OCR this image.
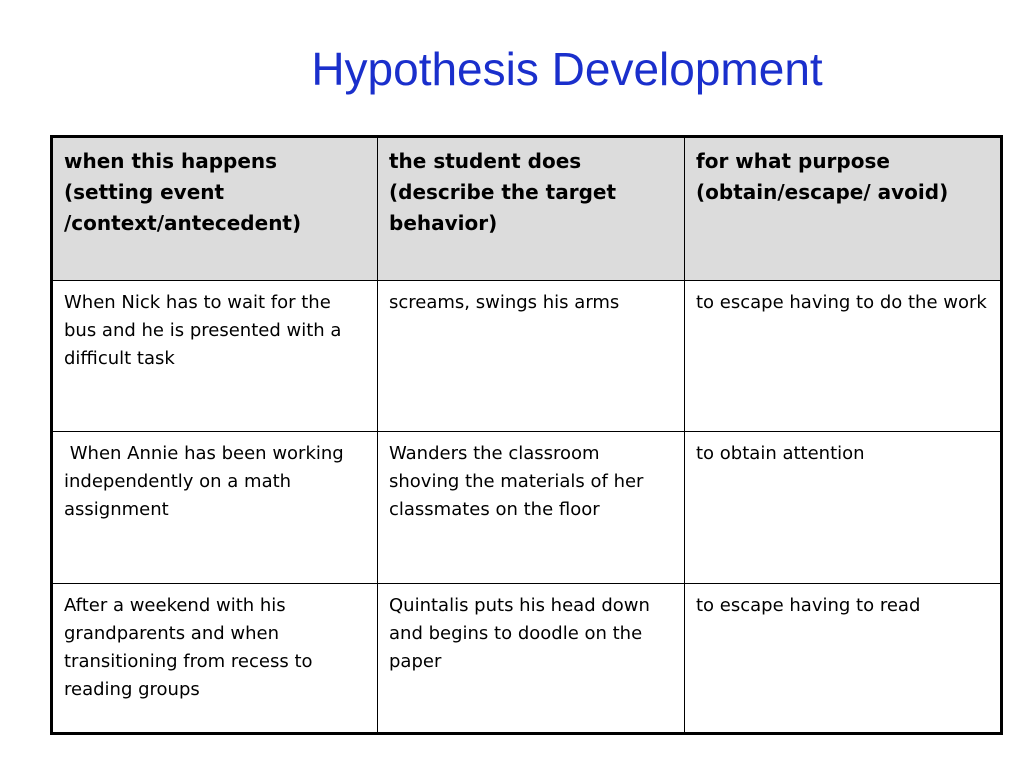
Hypothesis Development
when this happens (setting event /context/antecedent)	the student does (describe the target behavior)	for what purpose (obtain/escape/ avoid)
When Nick has to wait for the bus and he is presented with a difficult task	screams, swings his arms	to escape having to do the work
When Annie has been working independently on a math assignment	Wanders the classroom shoving the materials of her classmates on the floor	to obtain attention
After a weekend with his grandparents and when transitioning from recess to reading groups	Quintalis puts his head down and begins to doodle on the paper	to escape having to read
